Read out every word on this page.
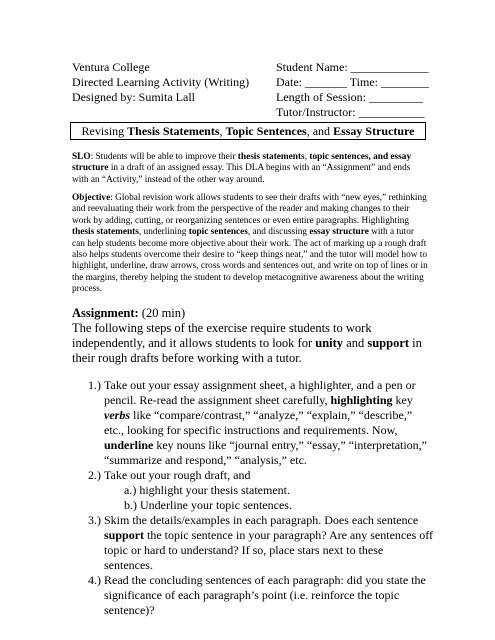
Ventura College
Directed Learning Activity (Writing)
Designed by: Sumita Lall
Student Name: _____________
Date: _______ Time: ________
Length of Session: _________
Tutor/Instructor: ___________
Revising Thesis Statements, Topic Sentences, and Essay Structure
SLO: Students will be able to improve their thesis statements, topic sentences, and essay structure in a draft of an assigned essay. This DLA begins with an “Assignment” and ends with an “Activity,” instead of the other way around.
Objective: Global revision work allows students to see their drafts with “new eyes,” rethinking and reevaluating their work from the perspective of the reader and making changes to their work by adding, cutting, or reorganizing sentences or even entire paragraphs. Highlighting thesis statements, underlining topic sentences, and discussing essay structure with a tutor can help students become more objective about their work. The act of marking up a rough draft also helps students overcome their desire to “keep things neat,” and the tutor will model how to highlight, underline, draw arrows, cross words and sentences out, and write on top of lines or in the margins, thereby helping the student to develop metacognitive awareness about the writing process.
Assignment: (20 min)
The following steps of the exercise require students to work independently, and it allows students to look for unity and support in their rough drafts before working with a tutor.
1.) Take out your essay assignment sheet, a highlighter, and a pen or pencil. Re-read the assignment sheet carefully, highlighting key verbs like “compare/contrast,” “analyze,” “explain,” “describe,” etc., looking for specific instructions and requirements. Now, underline key nouns like “journal entry,” “essay,” “interpretation,” “summarize and respond,” “analysis,” etc.
2.) Take out your rough draft, and
a.) highlight your thesis statement.
b.) Underline your topic sentences.
3.) Skim the details/examples in each paragraph. Does each sentence support the topic sentence in your paragraph? Are any sentences off topic or hard to understand? If so, place stars next to these sentences.
4.) Read the concluding sentences of each paragraph: did you state the significance of each paragraph’s point (i.e. reinforce the topic sentence)?
